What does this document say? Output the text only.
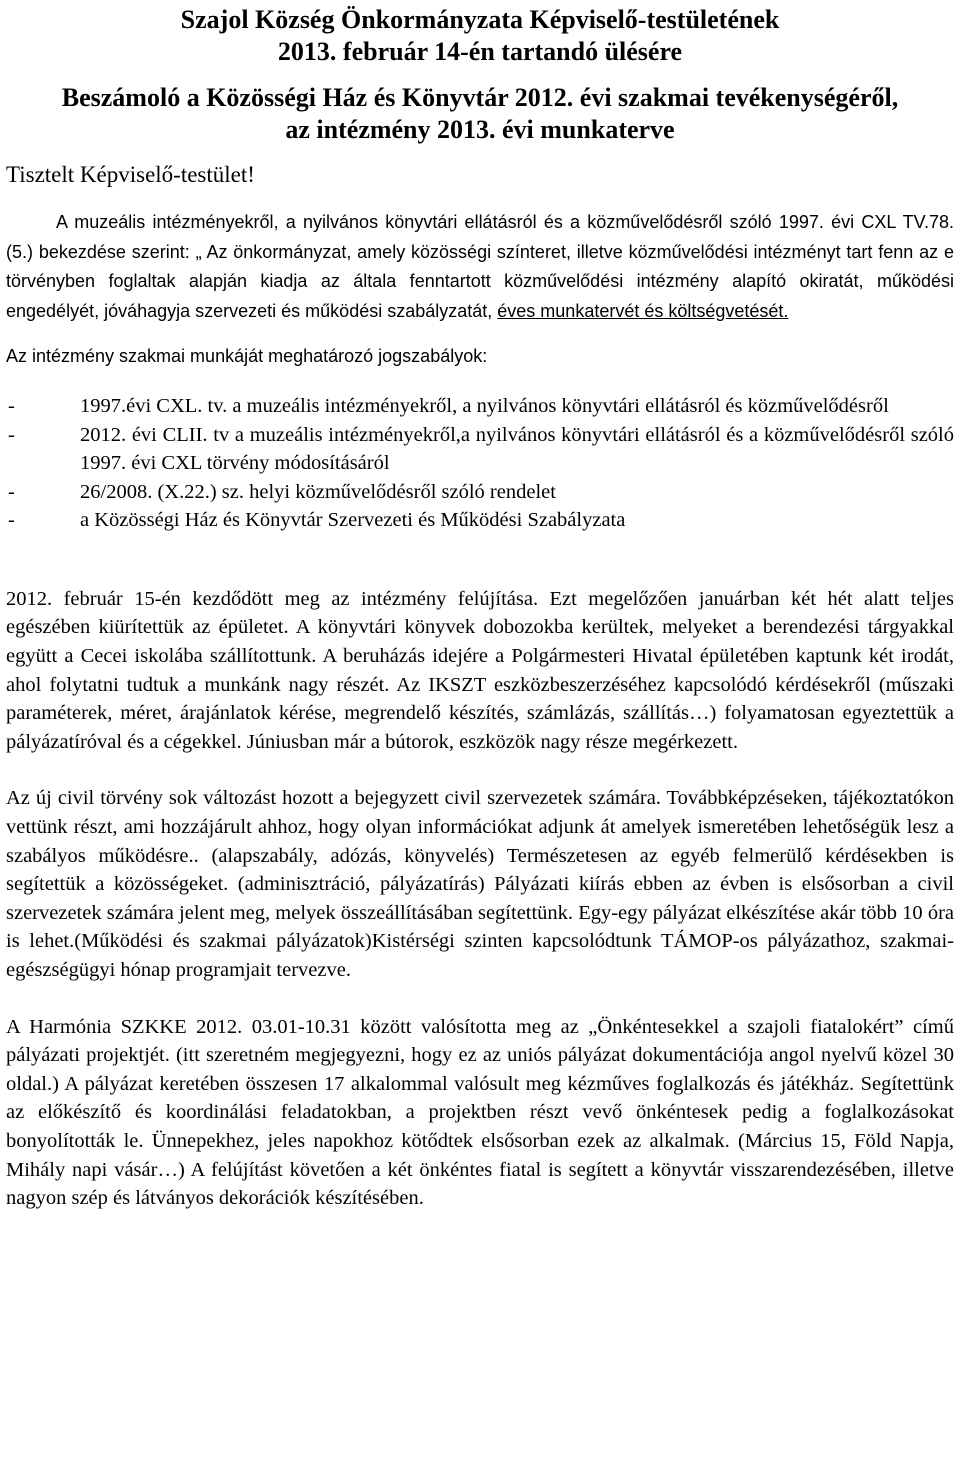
Szajol Község Önkormányzata Képviselő-testületének
2013. február 14-én tartandó ülésére
Beszámoló a Közösségi Ház és Könyvtár 2012. évi szakmai tevékenységéről,
az intézmény 2013. évi munkaterve
Tisztelt Képviselő-testület!

A muzeális intézményekről, a nyilvános könyvtári ellátásról és a közművelődésről szóló 1997. évi CXL TV.78. (5.) bekezdése szerint: „ Az önkormányzat, amely közösségi színteret, illetve közművelődési intézményt tart fenn az e törvényben foglaltak alapján kiadja az általa fenntartott közművelődési intézmény alapító okiratát, működési engedélyét, jóváhagyja szervezeti és működési szabályzatát, éves munkatervét és költségvetését.

Az intézmény szakmai munkáját meghatározó jogszabályok:
-	1997.évi CXL. tv. a muzeális intézményekről, a nyilvános könyvtári ellátásról és közművelődésről
-	2012. évi CLII. tv a muzeális intézményekről,a nyilvános könyvtári ellátásról és a közművelődésről szóló 1997. évi CXL törvény módosításáról
-	26/2008. (X.22.) sz. helyi közművelődésről szóló rendelet
-	a Közösségi Ház és Könyvtár Szervezeti és Működési Szabályzata

2012. február 15-én kezdődött meg az intézmény felújítása. Ezt megelőzően januárban két hét alatt teljes egészében kiürítettük az épületet. A könyvtári könyvek dobozokba kerültek, melyeket a berendezési tárgyakkal együtt a Cecei iskolába szállítottunk. A beruházás idejére a Polgármesteri Hivatal épületében kaptunk két irodát, ahol folytatni tudtuk a munkánk nagy részét. Az IKSZT eszközbeszerzéséhez kapcsolódó kérdésekről (műszaki paraméterek, méret, árajánlatok kérése, megrendelő készítés, számlázás, szállítás…) folyamatosan egyeztettük a pályázatíróval és a cégekkel. Júniusban már a bútorok, eszközök nagy része megérkezett.

Az új civil törvény sok változást hozott a bejegyzett civil szervezetek számára. Továbbképzéseken, tájékoztatókon vettünk részt, ami hozzájárult ahhoz, hogy olyan információkat adjunk át amelyek ismeretében lehetőségük lesz a szabályos működésre.. (alapszabály, adózás, könyvelés) Természetesen az egyéb felmerülő kérdésekben is segítettük a közösségeket. (adminisztráció, pályázatírás) Pályázati kiírás ebben az évben is elsősorban a civil szervezetek számára jelent meg, melyek összeállításában segítettünk. Egy-egy pályázat elkészítése akár több 10 óra is lehet.(Működési és szakmai pályázatok)Kistérségi szinten kapcsolódtunk TÁMOP-os pályázathoz, szakmai- egészségügyi hónap programjait tervezve.

A Harmónia SZKKE 2012. 03.01-10.31 között valósította meg az „Önkéntesekkel a szajoli fiatalokért” című pályázati projektjét. (itt szeretném megjegyezni, hogy ez az uniós pályázat dokumentációja angol nyelvű közel 30 oldal.) A pályázat keretében összesen 17 alkalommal valósult meg kézműves foglalkozás és játékház. Segítettünk az előkészítő és koordinálási feladatokban, a projektben részt vevő önkéntesek pedig a foglalkozásokat bonyolították le. Ünnepekhez, jeles napokhoz kötődtek elsősorban ezek az alkalmak. (Március 15, Föld Napja, Mihály napi vásár…) A felújítást követően a két önkéntes fiatal is segített a könyvtár visszarendezésében, illetve nagyon szép és látványos dekorációk készítésében.
